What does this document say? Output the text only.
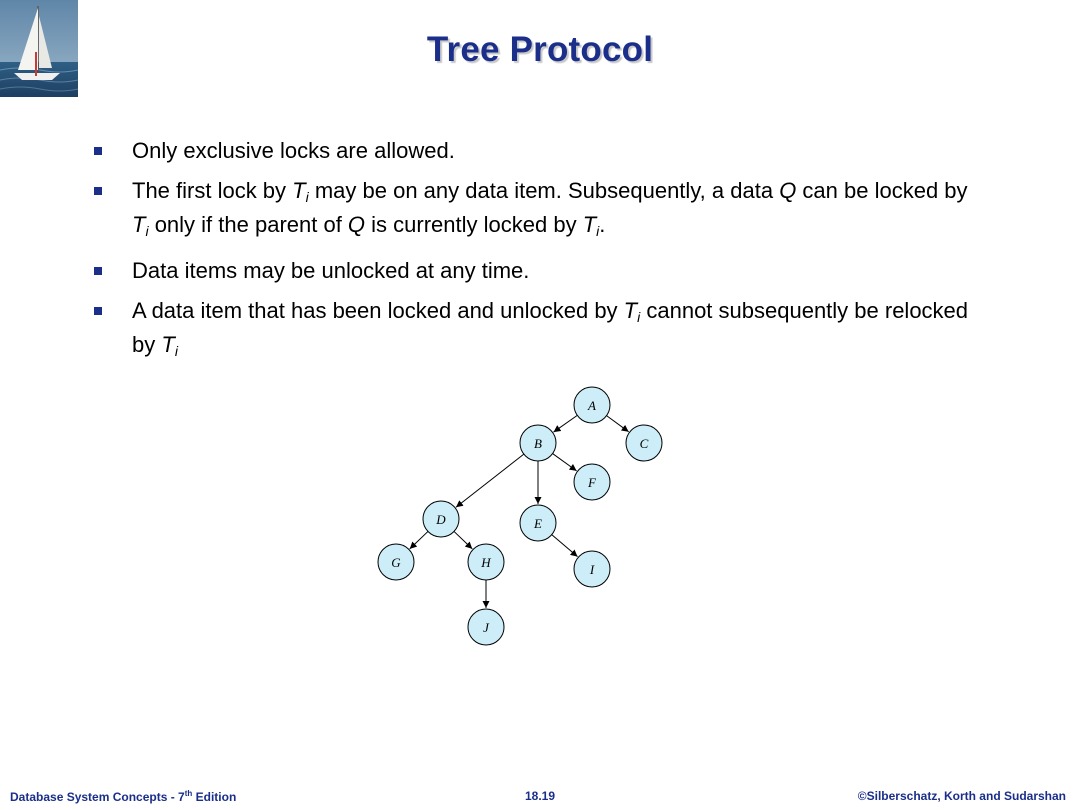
Tree Protocol
Only exclusive locks are allowed.
The first lock by $T_i$ may be on any data item. Subsequently, a data Q can be locked by $T_i$ only if the parent of Q is currently locked by $T_i$.
Data items may be unlocked at any time.
A data item that has been locked and unlocked by $T_i$ cannot subsequently be relocked by $T_i$
A
B	C
D	E
F
G	H	I
J
Database System Concepts - 7th Edition	18.19	©Silberschatz, Korth and Sudarshan
